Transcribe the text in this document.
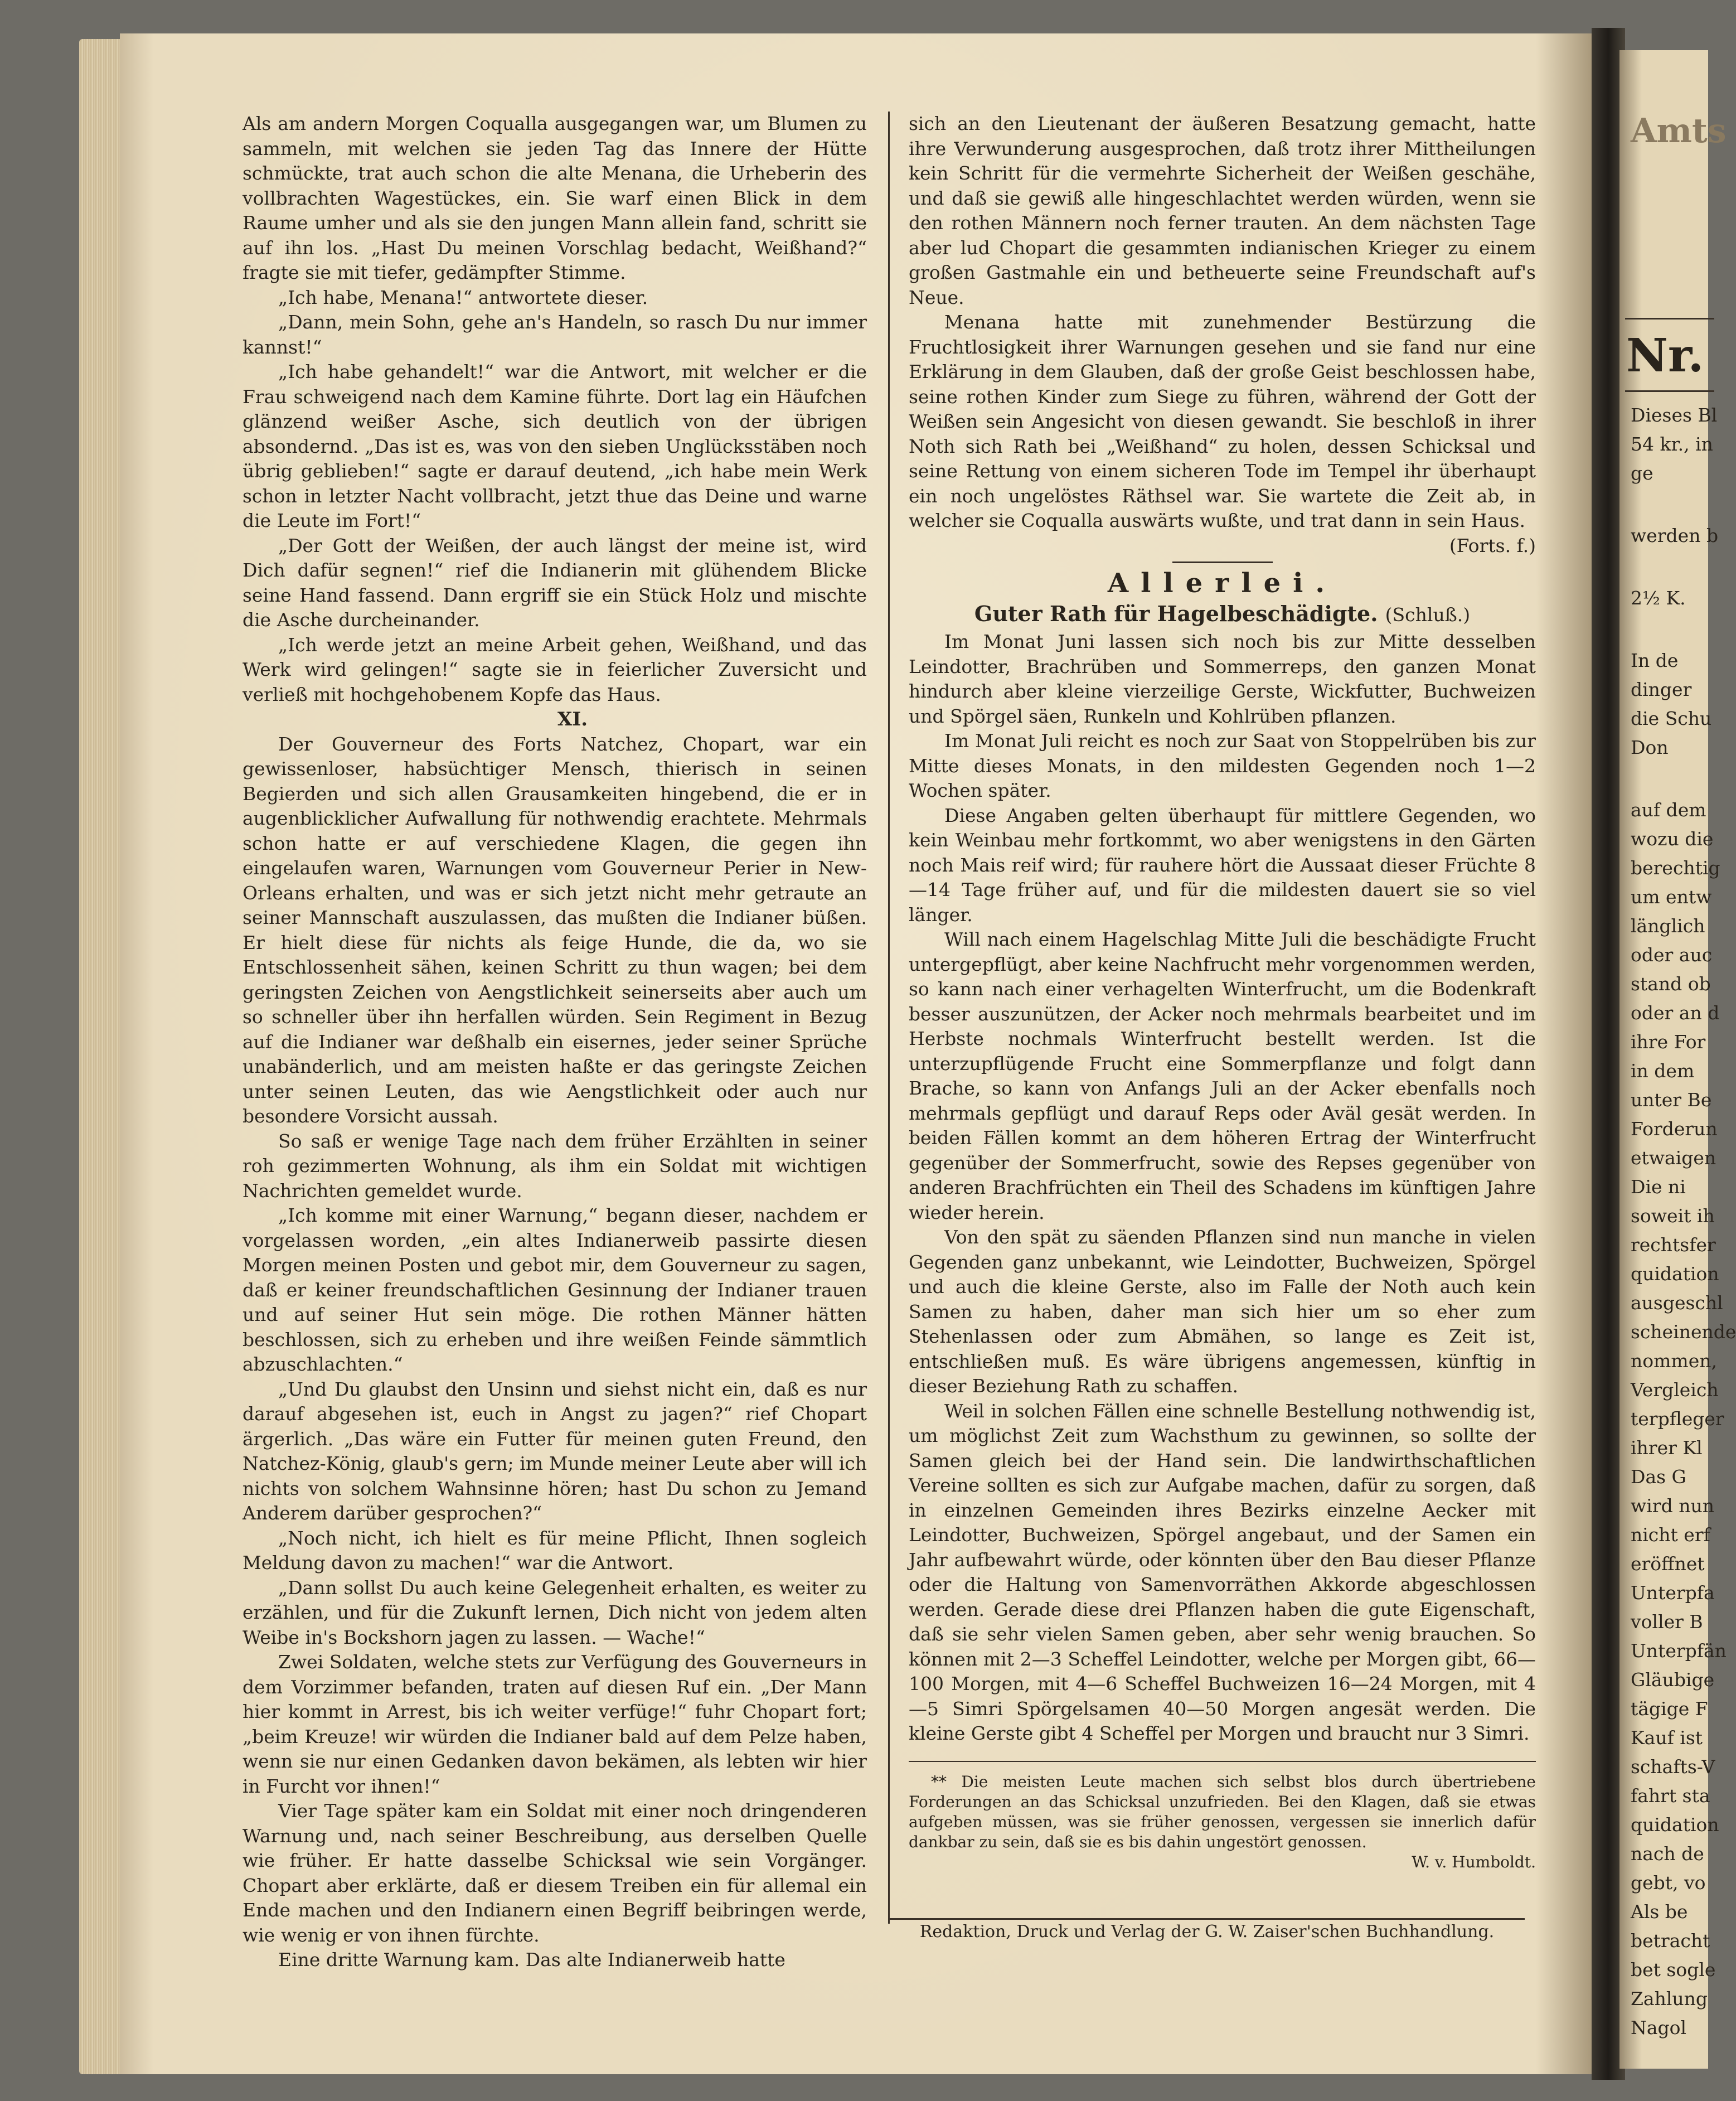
Als am andern Morgen Coqualla ausgegangen war, um Blumen zu sammeln, mit welchen sie jeden Tag das Innere der Hütte schmückte, trat auch schon die alte Menana, die Urheberin des vollbrachten Wagestückes, ein. Sie warf einen Blick in dem Raume umher und als sie den jungen Mann allein fand, schritt sie auf ihn los. „Hast Du meinen Vorschlag bedacht, Weißhand?“ fragte sie mit tiefer, gedämpfter Stimme.

„Ich habe, Menana!“ antwortete dieser.

„Dann, mein Sohn, gehe an's Handeln, so rasch Du nur immer kannst!“

„Ich habe gehandelt!“ war die Antwort, mit welcher er die Frau schweigend nach dem Kamine führte. Dort lag ein Häufchen glänzend weißer Asche, sich deutlich von der übrigen absondernd. „Das ist es, was von den sieben Unglücksstäben noch übrig geblieben!“ sagte er darauf deutend, „ich habe mein Werk schon in letzter Nacht vollbracht, jetzt thue das Deine und warne die Leute im Fort!“

„Der Gott der Weißen, der auch längst der meine ist, wird Dich dafür segnen!“ rief die Indianerin mit glühendem Blicke seine Hand fassend. Dann ergriff sie ein Stück Holz und mischte die Asche durcheinander.

„Ich werde jetzt an meine Arbeit gehen, Weißhand, und das Werk wird gelingen!“ sagte sie in feierlicher Zuversicht und verließ mit hochgehobenem Kopfe das Haus.

XI.

Der Gouverneur des Forts Natchez, Chopart, war ein gewissenloser, habsüchtiger Mensch, thierisch in seinen Begierden und sich allen Grausamkeiten hingebend, die er in augenblicklicher Aufwallung für nothwendig erachtete. Mehrmals schon hatte er auf verschiedene Klagen, die gegen ihn eingelaufen waren, Warnungen vom Gouverneur Perier in New-Orleans erhalten, und was er sich jetzt nicht mehr getraute an seiner Mannschaft auszulassen, das mußten die Indianer büßen. Er hielt diese für nichts als feige Hunde, die da, wo sie Entschlossenheit sähen, keinen Schritt zu thun wagen; bei dem geringsten Zeichen von Aengstlichkeit seinerseits aber auch um so schneller über ihn herfallen würden. Sein Regiment in Bezug auf die Indianer war deßhalb ein eisernes, jeder seiner Sprüche unabänderlich, und am meisten haßte er das geringste Zeichen unter seinen Leuten, das wie Aengstlichkeit oder auch nur besondere Vorsicht aussah.

So saß er wenige Tage nach dem früher Erzählten in seiner roh gezimmerten Wohnung, als ihm ein Soldat mit wichtigen Nachrichten gemeldet wurde.

„Ich komme mit einer Warnung,“ begann dieser, nachdem er vorgelassen worden, „ein altes Indianerweib passirte diesen Morgen meinen Posten und gebot mir, dem Gouverneur zu sagen, daß er keiner freundschaftlichen Gesinnung der Indianer trauen und auf seiner Hut sein möge. Die rothen Männer hätten beschlossen, sich zu erheben und ihre weißen Feinde sämmtlich abzuschlachten.“

„Und Du glaubst den Unsinn und siehst nicht ein, daß es nur darauf abgesehen ist, euch in Angst zu jagen?“ rief Chopart ärgerlich. „Das wäre ein Futter für meinen guten Freund, den Natchez-König, glaub's gern; im Munde meiner Leute aber will ich nichts von solchem Wahnsinne hören; hast Du schon zu Jemand Anderem darüber gesprochen?“

„Noch nicht, ich hielt es für meine Pflicht, Ihnen sogleich Meldung davon zu machen!“ war die Antwort.

„Dann sollst Du auch keine Gelegenheit erhalten, es weiter zu erzählen, und für die Zukunft lernen, Dich nicht von jedem alten Weibe in's Bockshorn jagen zu lassen. — Wache!“

Zwei Soldaten, welche stets zur Verfügung des Gouverneurs in dem Vorzimmer befanden, traten auf diesen Ruf ein. „Der Mann hier kommt in Arrest, bis ich weiter verfüge!“ fuhr Chopart fort; „beim Kreuze! wir würden die Indianer bald auf dem Pelze haben, wenn sie nur einen Gedanken davon bekämen, als lebten wir hier in Furcht vor ihnen!“

Vier Tage später kam ein Soldat mit einer noch dringenderen Warnung und, nach seiner Beschreibung, aus derselben Quelle wie früher. Er hatte dasselbe Schicksal wie sein Vorgänger. Chopart aber erklärte, daß er diesem Treiben ein für allemal ein Ende machen und den Indianern einen Begriff beibringen werde, wie wenig er von ihnen fürchte.

Eine dritte Warnung kam. Das alte Indianerweib hatte

sich an den Lieutenant der äußeren Besatzung gemacht, hatte ihre Verwunderung ausgesprochen, daß trotz ihrer Mittheilungen kein Schritt für die vermehrte Sicherheit der Weißen geschähe, und daß sie gewiß alle hingeschlachtet werden würden, wenn sie den rothen Männern noch ferner trauten. An dem nächsten Tage aber lud Chopart die gesammten indianischen Krieger zu einem großen Gastmahle ein und betheuerte seine Freundschaft auf's Neue.

Menana hatte mit zunehmender Bestürzung die Fruchtlosigkeit ihrer Warnungen gesehen und sie fand nur eine Erklärung in dem Glauben, daß der große Geist beschlossen habe, seine rothen Kinder zum Siege zu führen, während der Gott der Weißen sein Angesicht von diesen gewandt. Sie beschloß in ihrer Noth sich Rath bei „Weißhand“ zu holen, dessen Schicksal und seine Rettung von einem sicheren Tode im Tempel ihr überhaupt ein noch ungelöstes Räthsel war. Sie wartete die Zeit ab, in welcher sie Coqualla auswärts wußte, und trat dann in sein Haus.

(Forts. f.)

Allerlei.
Guter Rath für Hagelbeschädigte. (Schluß.)

Im Monat Juni lassen sich noch bis zur Mitte desselben Leindotter, Brachrüben und Sommerreps, den ganzen Monat hindurch aber kleine vierzeilige Gerste, Wickfutter, Buchweizen und Spörgel säen, Runkeln und Kohlrüben pflanzen.

Im Monat Juli reicht es noch zur Saat von Stoppelrüben bis zur Mitte dieses Monats, in den mildesten Gegenden noch 1—2 Wochen später.

Diese Angaben gelten überhaupt für mittlere Gegenden, wo kein Weinbau mehr fortkommt, wo aber wenigstens in den Gärten noch Mais reif wird; für rauhere hört die Aussaat dieser Früchte 8—14 Tage früher auf, und für die mildesten dauert sie so viel länger.

Will nach einem Hagelschlag Mitte Juli die beschädigte Frucht untergepflügt, aber keine Nachfrucht mehr vorgenommen werden, so kann nach einer verhagelten Winterfrucht, um die Bodenkraft besser auszunützen, der Acker noch mehrmals bearbeitet und im Herbste nochmals Winterfrucht bestellt werden. Ist die unterzupflügende Frucht eine Sommerpflanze und folgt dann Brache, so kann von Anfangs Juli an der Acker ebenfalls noch mehrmals gepflügt und darauf Reps oder Aväl gesät werden. In beiden Fällen kommt an dem höheren Ertrag der Winterfrucht gegenüber der Sommerfrucht, sowie des Repses gegenüber von anderen Brachfrüchten ein Theil des Schadens im künftigen Jahre wieder herein.

Von den spät zu säenden Pflanzen sind nun manche in vielen Gegenden ganz unbekannt, wie Leindotter, Buchweizen, Spörgel und auch die kleine Gerste, also im Falle der Noth auch kein Samen zu haben, daher man sich hier um so eher zum Stehenlassen oder zum Abmähen, so lange es Zeit ist, entschließen muß. Es wäre übrigens angemessen, künftig in dieser Beziehung Rath zu schaffen.

Weil in solchen Fällen eine schnelle Bestellung nothwendig ist, um möglichst Zeit zum Wachsthum zu gewinnen, so sollte der Samen gleich bei der Hand sein. Die landwirthschaftlichen Vereine sollten es sich zur Aufgabe machen, dafür zu sorgen, daß in einzelnen Gemeinden ihres Bezirks einzelne Aecker mit Leindotter, Buchweizen, Spörgel angebaut, und der Samen ein Jahr aufbewahrt würde, oder könnten über den Bau dieser Pflanze oder die Haltung von Samenvorräthen Akkorde abgeschlossen werden. Gerade diese drei Pflanzen haben die gute Eigenschaft, daß sie sehr vielen Samen geben, aber sehr wenig brauchen. So können mit 2—3 Scheffel Leindotter, welche per Morgen gibt, 66—100 Morgen, mit 4—6 Scheffel Buchweizen 16—24 Morgen, mit 4—5 Simri Spörgelsamen 40—50 Morgen angesät werden. Die kleine Gerste gibt 4 Scheffel per Morgen und braucht nur 3 Simri.

** Die meisten Leute machen sich selbst blos durch übertriebene Forderungen an das Schicksal unzufrieden. Bei den Klagen, daß sie etwas aufgeben müssen, was sie früher genossen, vergessen sie innerlich dafür dankbar zu sein, daß sie es bis dahin ungestört genossen.

W. v. Humboldt.

Redaktion, Druck und Verlag der G. W. Zaiser'schen Buchhandlung.
Amts
Nr.
Dieses Bl
54 kr., in
ge
werden b
2½ K.
In de
dinger
die Schu
Don
auf dem
wozu die
berechtig
um entw
länglich
oder auc
stand ob
oder an d
ihre For
in dem
unter Be
Forderun
etwaigen
Die ni
soweit ih
rechtsfer
quidation
ausgeschl
scheinende
nommen,
Vergleich
terpfleger
ihrer Kl
Das G
wird nun
nicht erf
eröffnet
Unterpfa
voller B
Unterpfän
Gläubige
tägige F
Kauf ist
schafts-V
fahrt sta
quidation
nach de
gebt, vo
Als be
betracht
bet sogle
Zahlung
Nagol
